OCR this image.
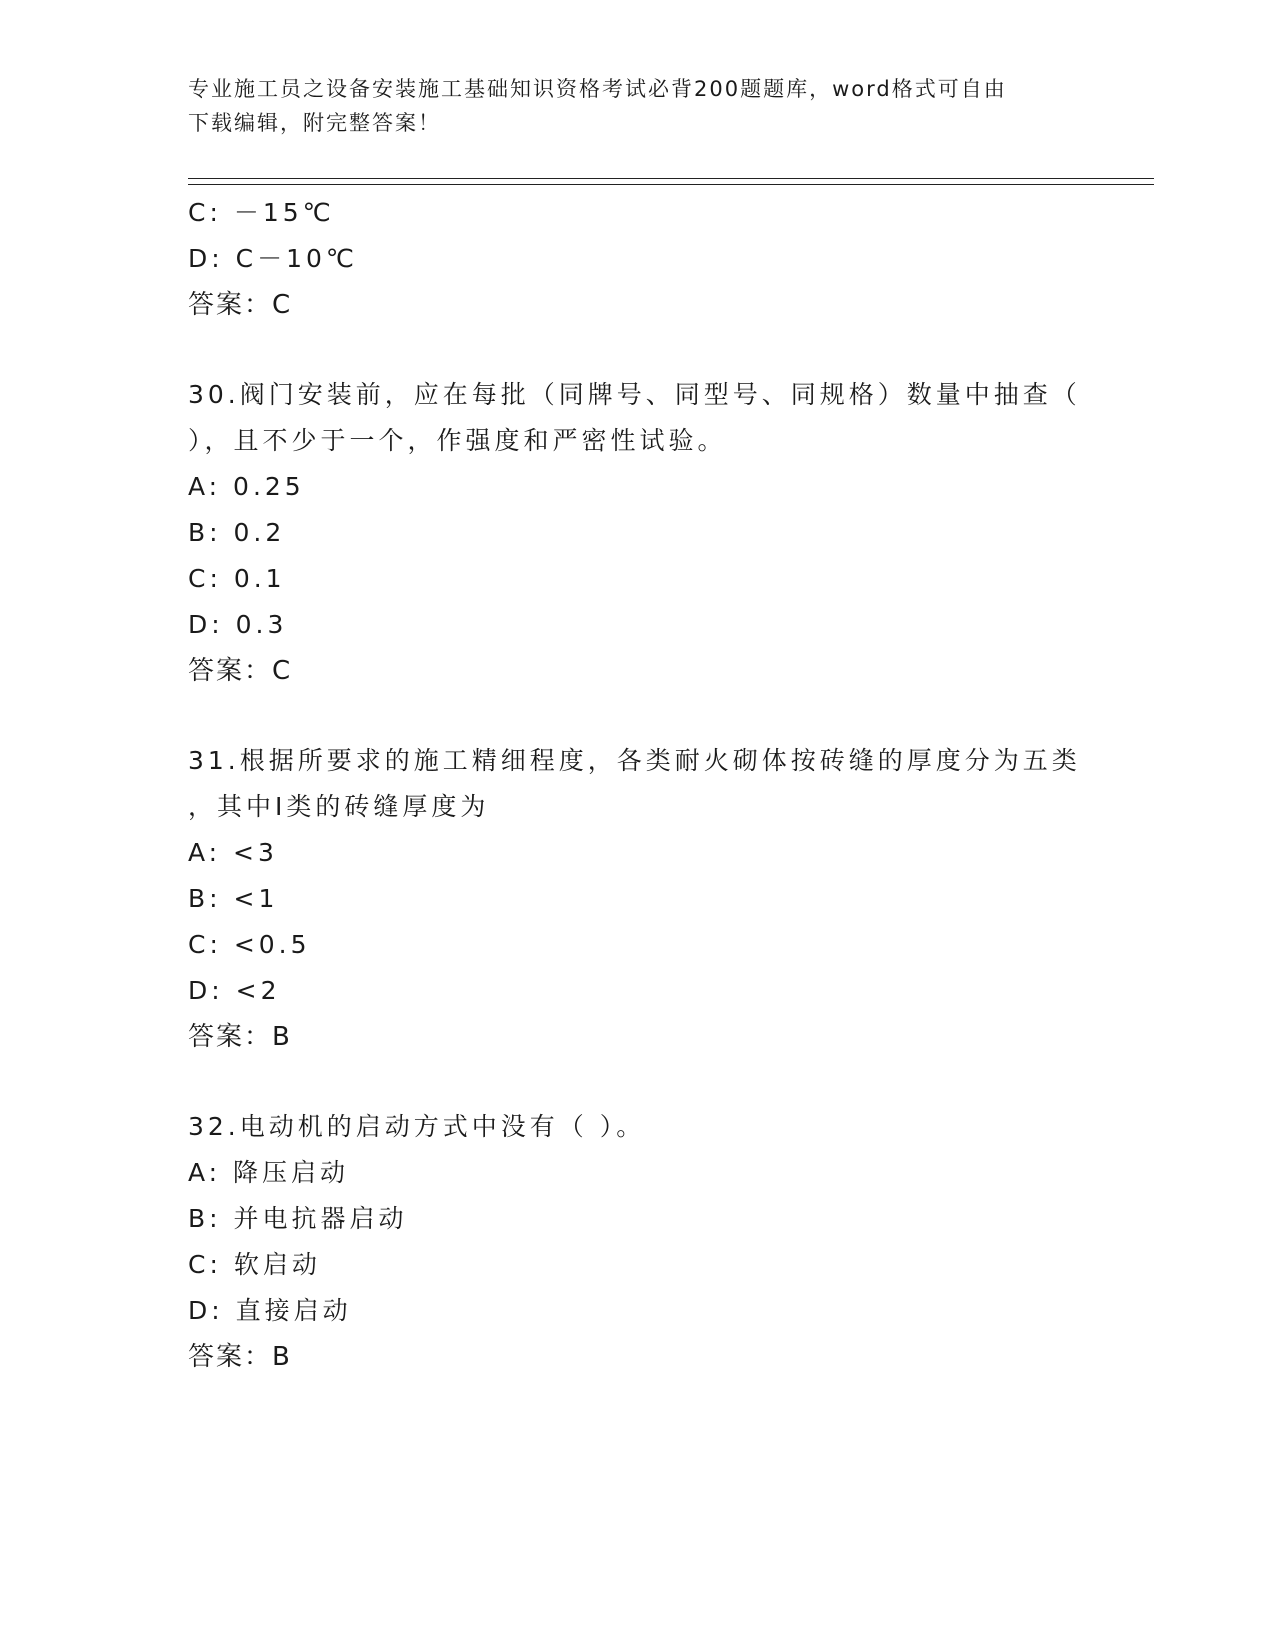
专业施工员之设备安装施工基础知识资格考试必背200题题库，word格式可自由
下载编辑，附完整答案！
C: －15℃
D: C－10℃
答案：C
30.阀门安装前，应在每批（同牌号、同型号、同规格）数量中抽查（
），且不少于一个，作强度和严密性试验。
A: 0.25
B: 0.2
C: 0.1
D: 0.3
答案：C
31.根据所要求的施工精细程度，各类耐火砌体按砖缝的厚度分为五类
，其中Ⅰ类的砖缝厚度为
A: <3
B: <1
C: <0.5
D: <2
答案：B
32.电动机的启动方式中没有（ ）。
A: 降压启动
B: 并电抗器启动
C: 软启动
D: 直接启动
答案：B
